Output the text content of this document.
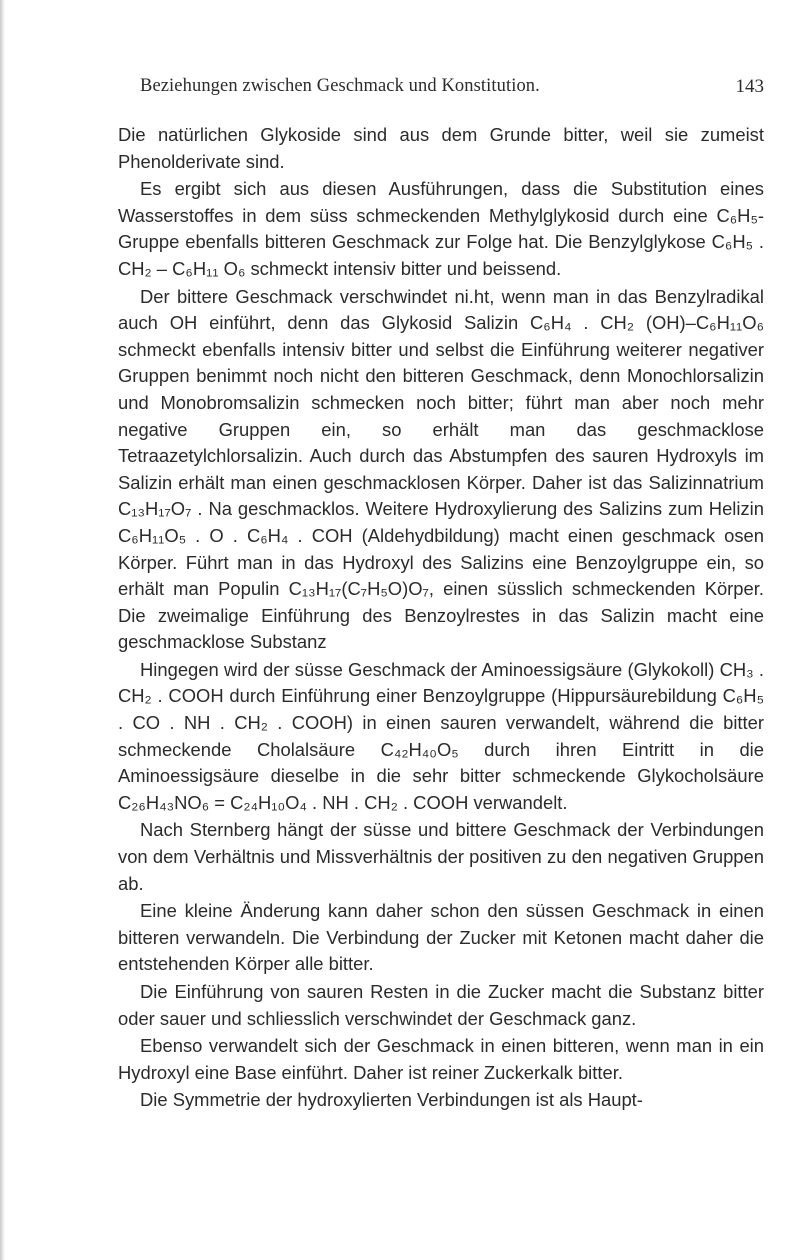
Beziehungen zwischen Geschmack und Konstitution.	143

Die natürlichen Glykoside sind aus dem Grunde bitter, weil sie zumeist Phenolderivate sind.

Es ergibt sich aus diesen Ausführungen, dass die Substitution eines Wasserstoffes in dem süss schmeckenden Methylglykosid durch eine C₆H₅-Gruppe ebenfalls bitteren Geschmack zur Folge hat. Die Benzylglykose C₆H₅ . CH₂ – C₆H₁₁ O₆ schmeckt intensiv bitter und beissend.

Der bittere Geschmack verschwindet ni.ht, wenn man in das Benzylradikal auch OH einführt, denn das Glykosid Salizin C₆H₄ . CH₂ (OH)–C₆H₁₁O₆ schmeckt ebenfalls intensiv bitter und selbst die Einführung weiterer negativer Gruppen benimmt noch nicht den bitteren Geschmack, denn Monochlorsalizin und Monobromsalizin schmecken noch bitter; führt man aber noch mehr negative Gruppen ein, so erhält man das geschmacklose Tetraazetylchlorsalizin. Auch durch das Abstumpfen des sauren Hydroxyls im Salizin erhält man einen geschmacklosen Körper. Daher ist das Salizinnatrium C₁₃H₁₇O₇ . Na geschmacklos. Weitere Hydroxylierung des Salizins zum Helizin C₆H₁₁O₅ . O . C₆H₄ . COH (Aldehydbildung) macht einen geschmack osen Körper. Führt man in das Hydroxyl des Salizins eine Benzoylgruppe ein, so erhält man Populin C₁₃H₁₇(C₇H₅O)O₇, einen süsslich schmeckenden Körper. Die zweimalige Einführung des Benzoylrestes in das Salizin macht eine geschmacklose Substanz

Hingegen wird der süsse Geschmack der Aminoessigsäure (Glykokoll) CH₃ . CH₂ . COOH durch Einführung einer Benzoylgruppe (Hippursäurebildung C₆H₅ . CO . NH . CH₂ . COOH) in einen sauren verwandelt, während die bitter schmeckende Cholalsäure C₄₂H₄₀O₅ durch ihren Eintritt in die Aminoessigsäure dieselbe in die sehr bitter schmeckende Glykocholsäure C₂₆H₄₃NO₆ = C₂₄H₁₀O₄ . NH . CH₂ . COOH verwandelt.

Nach Sternberg hängt der süsse und bittere Geschmack der Verbindungen von dem Verhältnis und Missverhältnis der positiven zu den negativen Gruppen ab.

Eine kleine Änderung kann daher schon den süssen Geschmack in einen bitteren verwandeln. Die Verbindung der Zucker mit Ketonen macht daher die entstehenden Körper alle bitter.

Die Einführung von sauren Resten in die Zucker macht die Substanz bitter oder sauer und schliesslich verschwindet der Geschmack ganz.

Ebenso verwandelt sich der Geschmack in einen bitteren, wenn man in ein Hydroxyl eine Base einführt. Daher ist reiner Zuckerkalk bitter.

Die Symmetrie der hydroxylierten Verbindungen ist als Haupt-
